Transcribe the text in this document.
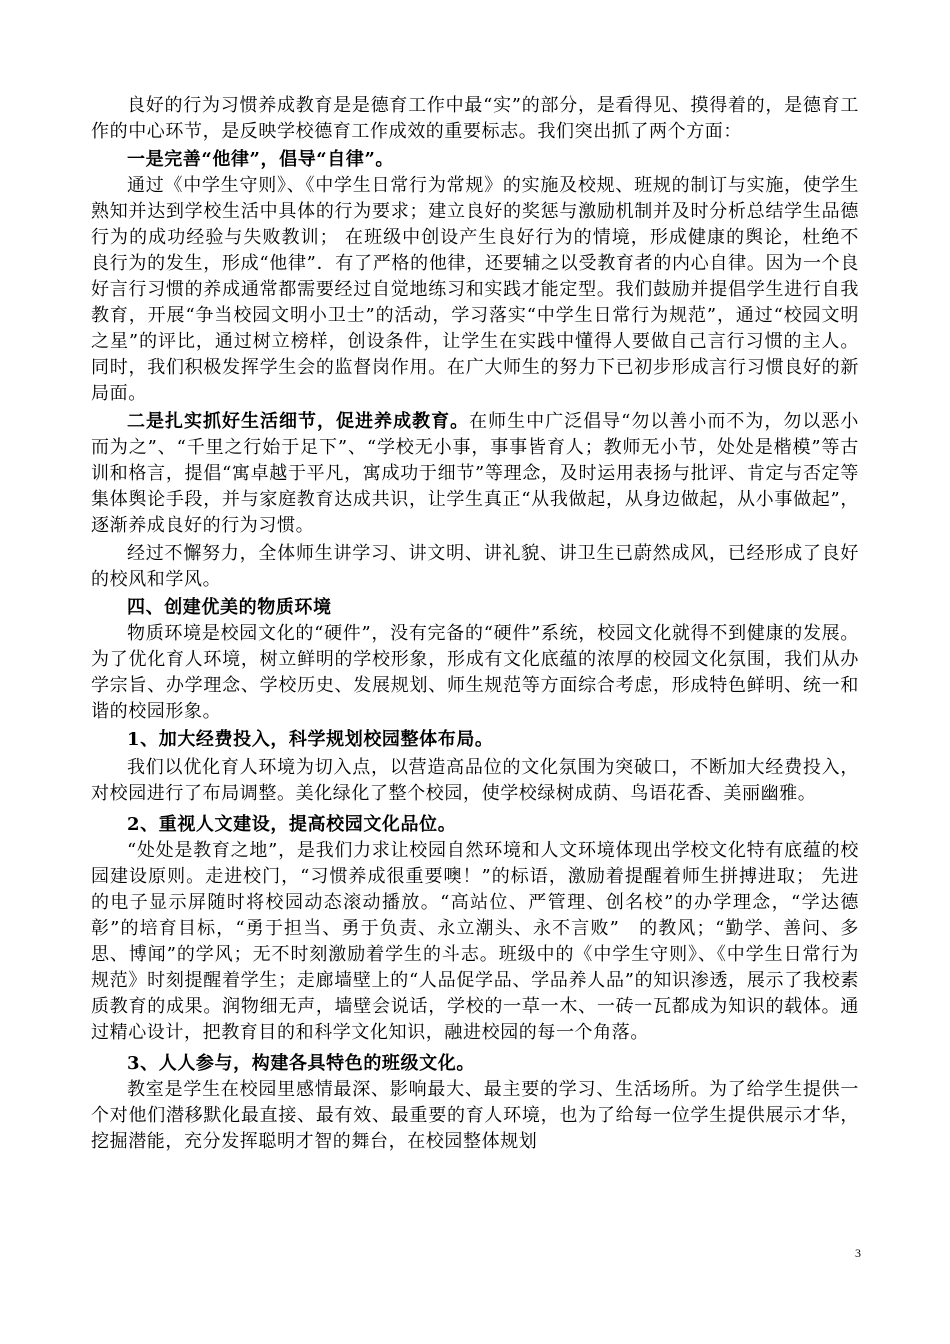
良好的行为习惯养成教育是是德育工作中最“实”的部分，是看得见、摸得着的，是德育工作的中心环节，是反映学校德育工作成效的重要标志。我们突出抓了两个方面：

一是完善“他律”，倡导“自律”。

通过《中学生守则》、《中学生日常行为常规》的实施及校规、班规的制订与实施，使学生熟知并达到学校生活中具体的行为要求；建立良好的奖惩与激励机制并及时分析总结学生品德行为的成功经验与失败教训； 在班级中创设产生良好行为的情境，形成健康的舆论，杜绝不良行为的发生，形成“他律”．有了严格的他律，还要辅之以受教育者的内心自律。因为一个良好言行习惯的养成通常都需要经过自觉地练习和实践才能定型。我们鼓励并提倡学生进行自我教育，开展“争当校园文明小卫士”的活动，学习落实“中学生日常行为规范”，通过“校园文明之星”的评比，通过树立榜样，创设条件，让学生在实践中懂得人要做自己言行习惯的主人。同时，我们积极发挥学生会的监督岗作用。在广大师生的努力下已初步形成言行习惯良好的新局面。

二是扎实抓好生活细节，促进养成教育。在师生中广泛倡导“勿以善小而不为，勿以恶小而为之”、“千里之行始于足下”、“学校无小事，事事皆育人；教师无小节，处处是楷模”等古训和格言，提倡“寓卓越于平凡，寓成功于细节”等理念，及时运用表扬与批评、肯定与否定等集体舆论手段，并与家庭教育达成共识，让学生真正“从我做起，从身边做起，从小事做起”，逐渐养成良好的行为习惯。

经过不懈努力，全体师生讲学习、讲文明、讲礼貌、讲卫生已蔚然成风，已经形成了良好的校风和学风。

四、创建优美的物质环境

物质环境是校园文化的“硬件”，没有完备的“硬件”系统，校园文化就得不到健康的发展。为了优化育人环境，树立鲜明的学校形象，形成有文化底蕴的浓厚的校园文化氛围，我们从办学宗旨、办学理念、学校历史、发展规划、师生规范等方面综合考虑，形成特色鲜明、统一和谐的校园形象。

1、加大经费投入，科学规划校园整体布局。

我们以优化育人环境为切入点，以营造高品位的文化氛围为突破口，不断加大经费投入，对校园进行了布局调整。美化绿化了整个校园，使学校绿树成荫、鸟语花香、美丽幽雅。

2、重视人文建设，提高校园文化品位。

“处处是教育之地”，是我们力求让校园自然环境和人文环境体现出学校文化特有底蕴的校园建设原则。走进校门，“习惯养成很重要噢！”的标语，激励着提醒着师生拼搏进取； 先进的电子显示屏随时将校园动态滚动播放。“高站位、严管理、创名校”的办学理念，“学达德彰”的培育目标，“勇于担当、勇于负责、永立潮头、永不言败”　的教风；“勤学、善问、多思、博闻”的学风；无不时刻激励着学生的斗志。班级中的《中学生守则》、《中学生日常行为规范》时刻提醒着学生；走廊墙壁上的“人品促学品、学品养人品”的知识渗透，展示了我校素质教育的成果。润物细无声，墙壁会说话，学校的一草一木、一砖一瓦都成为知识的载体。通过精心设计，把教育目的和科学文化知识，融进校园的每一个角落。

3、人人参与，构建各具特色的班级文化。

教室是学生在校园里感情最深、影响最大、最主要的学习、生活场所。为了给学生提供一个对他们潜移默化最直接、最有效、最重要的育人环境，也为了给每一位学生提供展示才华，挖掘潜能，充分发挥聪明才智的舞台，在校园整体规划

3
